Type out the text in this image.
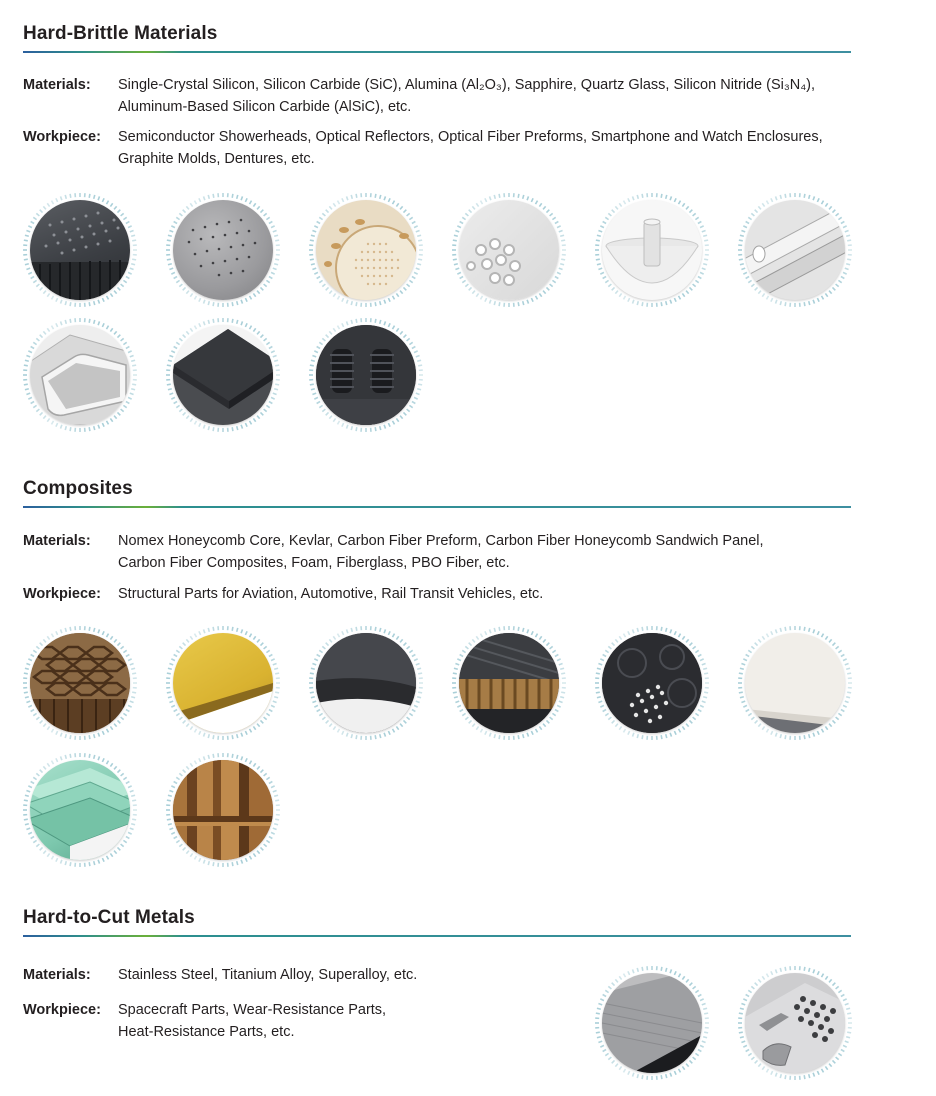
Hard-Brittle Materials
Materials:	Single-Crystal Silicon, Silicon Carbide (SiC), Alumina (Al₂O₃), Sapphire, Quartz Glass, Silicon Nitride (Si₃N₄),
Aluminum-Based Silicon Carbide (AlSiC), etc.
Workpiece:	Semiconductor Showerheads, Optical Reflectors, Optical Fiber Preforms, Smartphone and Watch Enclosures,
Graphite Molds, Dentures, etc.
Composites
Materials:	Nomex Honeycomb Core, Kevlar, Carbon Fiber Preform, Carbon Fiber Honeycomb Sandwich Panel,
Carbon Fiber Composites, Foam, Fiberglass, PBO Fiber, etc.
Workpiece:	Structural Parts for Aviation, Automotive, Rail Transit Vehicles, etc.
Hard-to-Cut Metals
Materials:	Stainless Steel, Titanium Alloy, Superalloy, etc.
Workpiece:	Spacecraft Parts, Wear-Resistance Parts,
Heat-Resistance Parts, etc.
